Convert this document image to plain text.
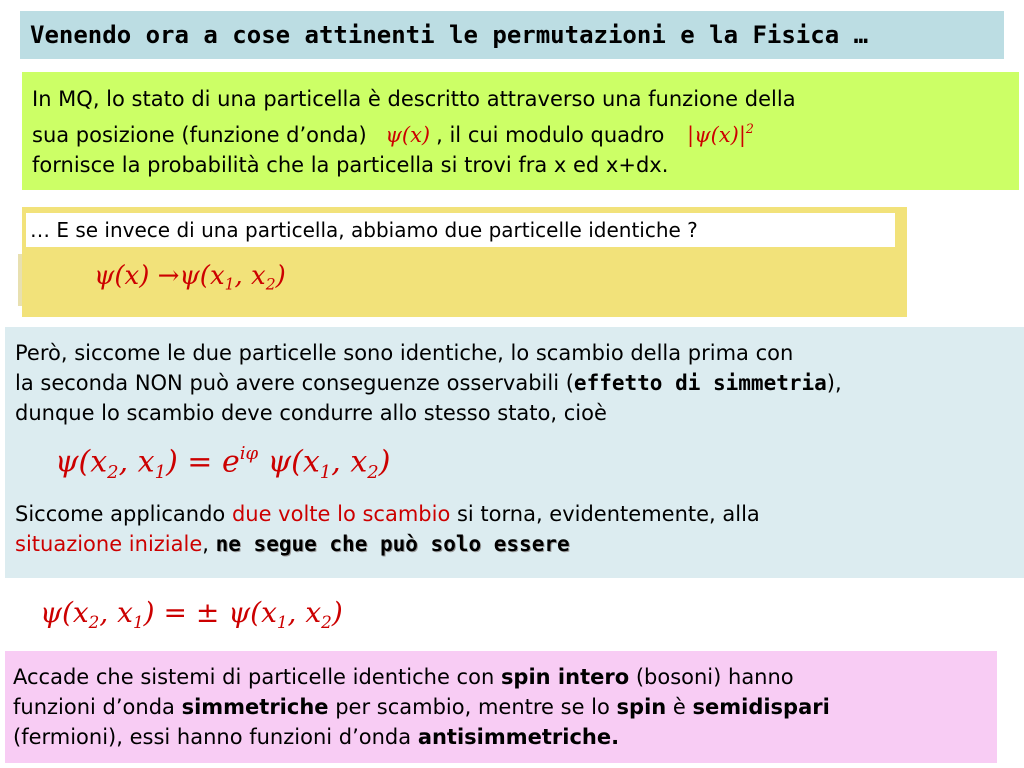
Venendo ora a cose attinenti le permutazioni e la Fisica …
In MQ, lo stato di una particella è descritto attraverso una funzione della
sua posizione (funzione d’onda) ψ(x) , il cui modulo quadro $|\psi(x)|^2$
fornisce la probabilità che la particella si trovi fra x ed x+dx.
… E se invece di una particella, abbiamo due particelle identiche ?
$\psi(x) \to\psi(x_1$, $x_2$)
Però, siccome le due particelle sono identiche, lo scambio della prima con
la seconda NON può avere conseguenze osservabili (effetto di simmetria),
dunque lo scambio deve condurre allo stesso stato, cioè
$\psi(x_2$, $x_1) = e^{i\varphi}$ $\psi(x_1$, $x_2$)
Siccome applicando due volte lo scambio si torna, evidentemente, alla
situazione iniziale, ne segue che può solo essere
$\psi(x_2$, $x_1$) = ± $\psi(x_1$, $x_2$)
Accade che sistemi di particelle identiche con spin intero (bosoni) hanno
funzioni d’onda simmetriche per scambio, mentre se lo spin è semidispari
(fermioni), essi hanno funzioni d’onda antisimmetriche.
